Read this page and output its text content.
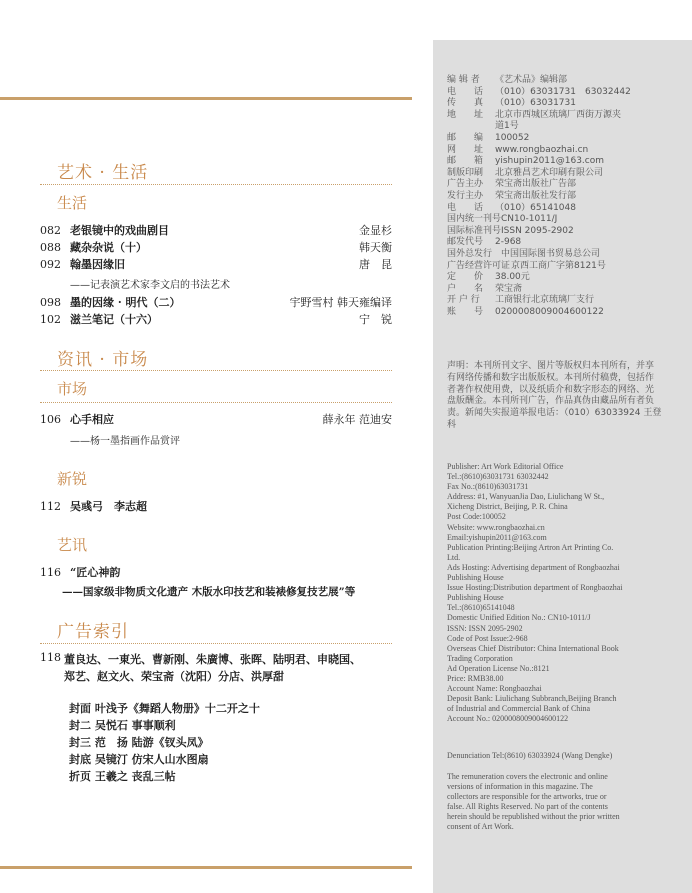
艺术 · 生活
生活
082 老银镜中的戏曲剧目	金显杉
088 藏杂杂说（十）	韩天衡
092 翰墨因缘旧	唐　昆
——记表演艺术家李文启的书法艺术
098 墨的因缘 · 明代（二）	宇野雪村 韩天雍编译
102 滋兰笔记（十六）	宁　锐
资讯 · 市场
市场
106 心手相应	薛永年 范迪安
——杨一墨指画作品赏评
新锐
112 吴彧弓　李志超
艺讯
116 “匠心神韵
——国家级非物质文化遗产 木版水印技艺和装裱修复技艺展”等
广告索引
118 董良达、一東光、曹新刚、朱廣博、张晖、陆明君、申晓国、
郑艺、赵文火、荣宝斋（沈阳）分店、洪厚甜
封面 叶浅予《舞蹈人物册》十二开之十
封二 吴悦石 事事顺利
封三 范　扬 陆游《钗头凤》
封底 吴镜汀 仿宋人山水图扇
折页 王羲之 丧乱三帖
编 辑 者 《艺术品》编辑部
电　　话 （010）63031731　63032442
传　　真 （010）63031731
地　　址 北京市西城区琉璃厂西街万源夹
道1号
邮　　编 100052
网　　址 www.rongbaozhai.cn
邮　　箱 yishupin2011@163.com
制版印刷 北京雅昌艺术印刷有限公司
广告主办 荣宝斋出版社广告部
发行主办 荣宝斋出版社发行部
电　　话 （010）65141048
国内统一刊号CN10-1011/J
国际标准刊号ISSN 2095-2902
邮发代号 2-968
国外总发行 中国国际图书贸易总公司
广告经营许可证京西工商广字第8121号
定　　价 38.00元
户　　名 荣宝斋
开 户 行 工商银行北京琉璃厂支行
账　　号 0200008009004600122
声明：本刊所刊文字、图片等版权归本刊所有，并享有网络传播和数字出版版权。本刊所付稿费，包括作者著作权使用费，以及纸质介和数字形态的网络、光盘版酬金。本刊所刊广告，作品真伪由藏品所有者负责。新闻失实报道举报电话：（010）63033924 王登科
Publisher: Art Work Editorial Office
Tel.:(8610)63031731 63032442
Fax No.:(8610)63031731
Address: #1, WanyuanJia Dao, Liulichang W St.,
Xicheng District, Beijing, P. R. China
Post Code:100052
Website: www.rongbaozhai.cn
Email:yishupin2011@163.com
Publication Printing:Beijing Artron Art Printing Co.
Ltd.
Ads Hosting: Advertising department of Rongbaozhai
Publishing House
Issue Hosting:Distribution department of Rongbaozhai
Publishing House
Tel.:(8610)65141048
Domestic Unified Edition No.: CN10-1011/J
ISSN: ISSN 2095-2902
Code of Post Issue:2-968
Overseas Chief Distributor: China International Book
Trading Corporation
Ad Operation License No.:8121
Price: RMB38.00
Account Name: Rongbaozhai
Deposit Bank: Liulichang Subbranch,Beijing Branch
of Industrial and Commercial Bank of China
Account No.: 0200008009004600122
Denunciation Tel:(8610) 63033924 (Wang Dengke)
The remuneration covers the electronic and online
versions of information in this magazine. The
collectors are responsible for the artworks, true or
false. All Rights Reserved. No part of the contents
herein should be republished without the prior written
consent of Art Work.
